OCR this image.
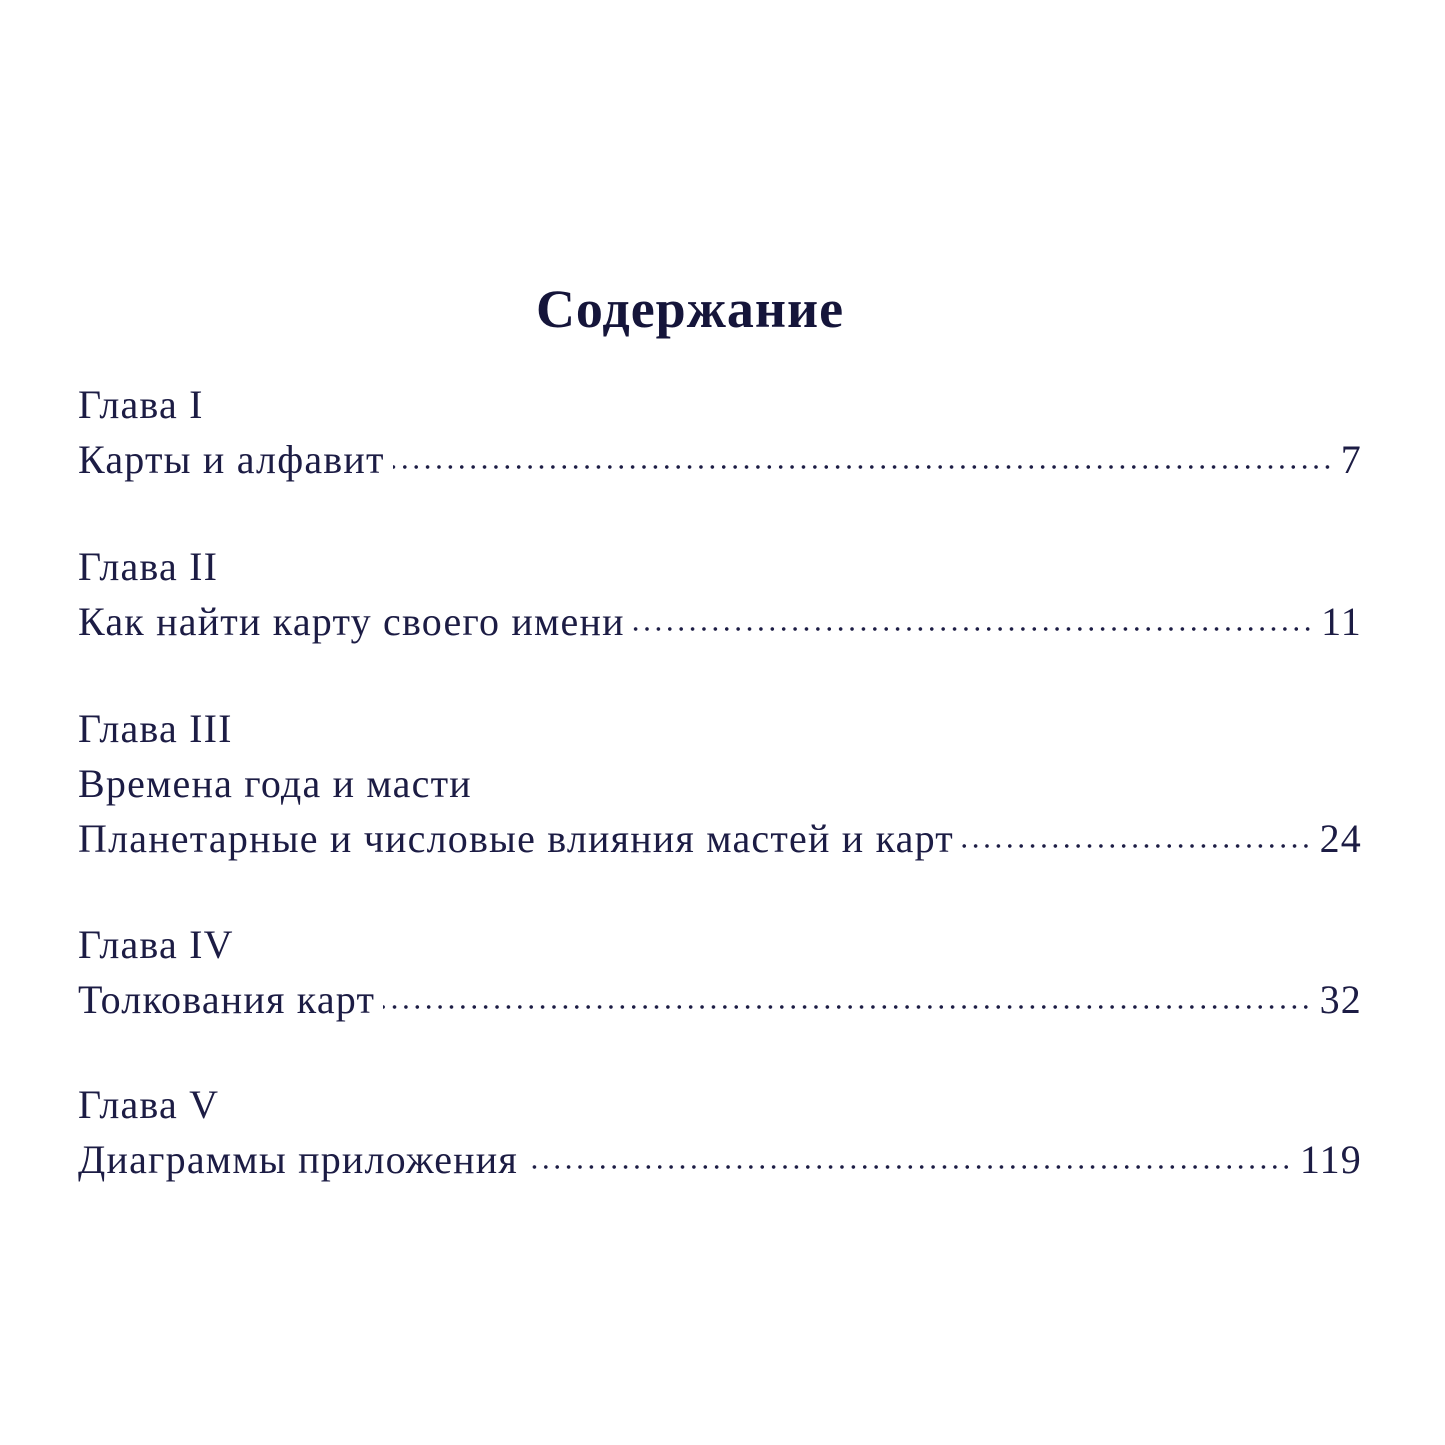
Содержание
Глава I
Карты и алфавит	7
Глава II
Как найти карту своего имени	11
Глава III
Времена года и масти
Планетарные и числовые влияния мастей и карт	24
Глава IV
Толкования карт	32
Глава V
Диаграммы приложения	119
